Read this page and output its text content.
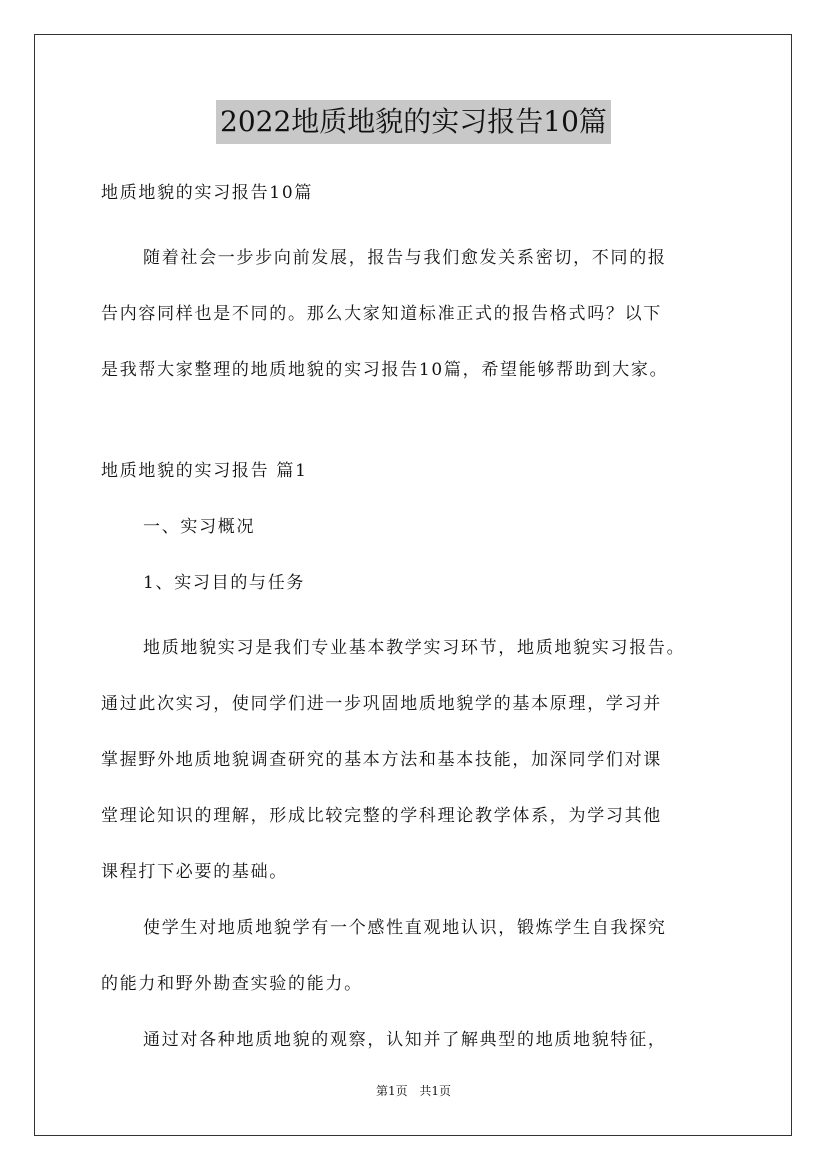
2022地质地貌的实习报告10篇
地质地貌的实习报告10篇
随着社会一步步向前发展，报告与我们愈发关系密切，不同的报
告内容同样也是不同的。那么大家知道标准正式的报告格式吗？以下
是我帮大家整理的地质地貌的实习报告10篇，希望能够帮助到大家。
地质地貌的实习报告 篇1
一、实习概况
1、实习目的与任务
地质地貌实习是我们专业基本教学实习环节，地质地貌实习报告。
通过此次实习，使同学们进一步巩固地质地貌学的基本原理，学习并
掌握野外地质地貌调查研究的基本方法和基本技能，加深同学们对课
堂理论知识的理解，形成比较完整的学科理论教学体系，为学习其他
课程打下必要的基础。
使学生对地质地貌学有一个感性直观地认识，锻炼学生自我探究
的能力和野外勘查实验的能力。
通过对各种地质地貌的观察，认知并了解典型的地质地貌特征，
第1页 共1页
